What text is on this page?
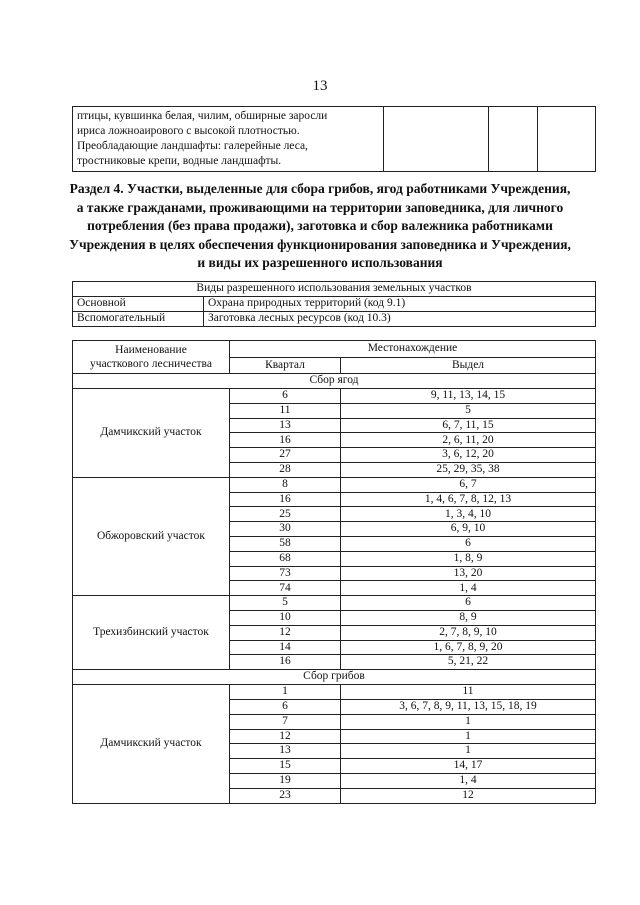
13
птицы, кувшинка белая, чилим, обширные заросли
ириса ложноаирового с высокой плотностью.
Преобладающие ландшафты: галерейные леса,
тростниковые крепи, водные ландшафты.

Раздел 4. Участки, выделенные для сбора грибов, ягод работниками Учреждения,
а также гражданами, проживающими на территории заповедника, для личного
потребления (без права продажи), заготовка и сбор валежника работниками
Учреждения в целях обеспечения функционирования заповедника и Учреждения,
и виды их разрешенного использования
Виды разрешенного использования земельных участков	
Основной	Охрана природных территорий (код 9.1)
Вспомогательный	Заготовка лесных ресурсов (код 10.3)
Наименование
участкового лесничества	Местонахождение	
	Квартал	Выдел
Сбор ягод		
Дамчикский участок	6	9, 11, 13, 14, 15
	11	5
	13	6, 7, 11, 15
	16	2, 6, 11, 20
	27	3, 6, 12, 20
	28	25, 29, 35, 38
Обжоровский участок	8	6, 7
	16	1, 4, 6, 7, 8, 12, 13
	25	1, 3, 4, 10
	30	6, 9, 10
	58	6
	68	1, 8, 9
	73	13, 20
	74	1, 4
Трехизбинский участок	5	6
	10	8, 9
	12	2, 7, 8, 9, 10
	14	1, 6, 7, 8, 9, 20
	16	5, 21, 22
Сбор грибов		
Дамчикский участок	1	11
	6	3, 6, 7, 8, 9, 11, 13, 15, 18, 19
	7	1
	12	1
	13	1
	15	14, 17
	19	1, 4
	23	12
